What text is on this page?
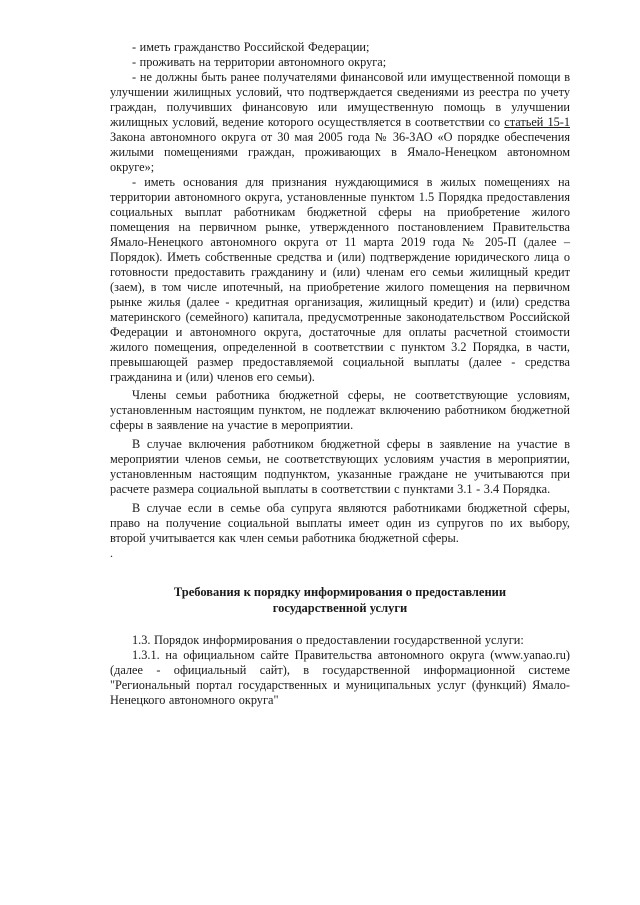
- иметь гражданство Российской Федерации;

- проживать на территории автономного округа;

- не должны быть ранее получателями финансовой или имущественной помощи в улучшении жилищных условий, что подтверждается сведениями из реестра по учету граждан, получивших финансовую или имущественную помощь в улучшении жилищных условий, ведение которого осуществляется в соответствии со статьей 15-1 Закона автономного округа от 30 мая 2005 года № 36-ЗАО «О порядке обеспечения жилыми помещениями граждан, проживающих в Ямало-Ненецком автономном округе»;

- иметь основания для признания нуждающимися в жилых помещениях на территории автономного округа, установленные пунктом 1.5 Порядка предоставления социальных выплат работникам бюджетной сферы на приобретение жилого помещения на первичном рынке, утвержденного постановлением Правительства Ямало-Ненецкого автономного округа от 11 марта 2019 года № 205-П (далее – Порядок). Иметь собственные средства и (или) подтверждение юридического лица о готовности предоставить гражданину и (или) членам его семьи жилищный кредит (заем), в том числе ипотечный, на приобретение жилого помещения на первичном рынке жилья (далее - кредитная организация, жилищный кредит) и (или) средства материнского (семейного) капитала, предусмотренные законодательством Российской Федерации и автономного округа, достаточные для оплаты расчетной стоимости жилого помещения, определенной в соответствии с пунктом 3.2 Порядка, в части, превышающей размер предоставляемой социальной выплаты (далее - средства гражданина и (или) членов его семьи).

Члены семьи работника бюджетной сферы, не соответствующие условиям, установленным настоящим пунктом, не подлежат включению работником бюджетной сферы в заявление на участие в мероприятии.

В случае включения работником бюджетной сферы в заявление на участие в мероприятии членов семьи, не соответствующих условиям участия в мероприятии, установленным настоящим подпунктом, указанные граждане не учитываются при расчете размера социальной выплаты в соответствии с пунктами 3.1 - 3.4 Порядка.

В случае если в семье оба супруга являются работниками бюджетной сферы, право на получение социальной выплаты имеет один из супругов по их выбору, второй учитывается как член семьи работника бюджетной сферы.

.

Требования к порядку информирования о предоставлении

государственной услуги

1.3. Порядок информирования о предоставлении государственной услуги:

1.3.1. на официальном сайте Правительства автономного округа (www.yanao.ru) (далее - официальный сайт), в государственной информационной системе "Региональный портал государственных и муниципальных услуг (функций) Ямало-Ненецкого автономного округа"
